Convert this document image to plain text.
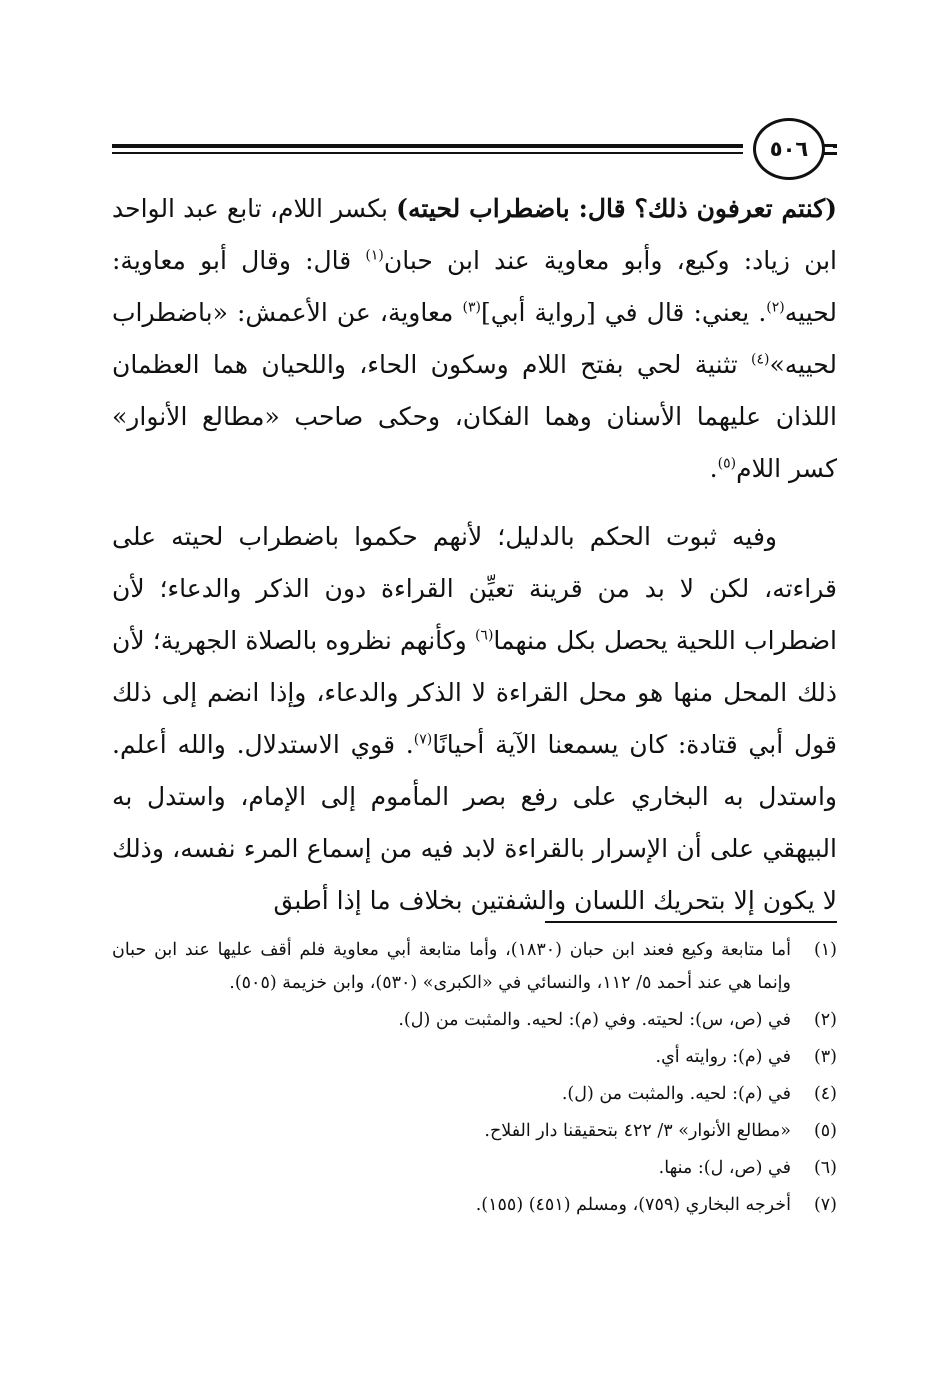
٥٠٦

(كنتم تعرفون ذلك؟ قال: باضطراب لحيته) بكسر اللام، تابع عبد الواحد ابن زياد: وكيع، وأبو معاوية عند ابن حبان$^{(١)}$ قال: وقال أبو معاوية: لحييه$^{(٢)}$. يعني: قال في [رواية أبي]$^{(٣)}$ معاوية، عن الأعمش: «باضطراب لحييه»$^{(٤)}$ تثنية لحي بفتح اللام وسكون الحاء، واللحيان هما العظمان اللذان عليهما الأسنان وهما الفكان، وحكى صاحب «مطالع الأنوار» كسر اللام$^{(٥)}$.

وفيه ثبوت الحكم بالدليل؛ لأنهم حكموا باضطراب لحيته على قراءته، لكن لا بد من قرينة تعيِّن القراءة دون الذكر والدعاء؛ لأن اضطراب اللحية يحصل بكل منهما$^{(٦)}$ وكأنهم نظروه بالصلاة الجهرية؛ لأن ذلك المحل منها هو محل القراءة لا الذكر والدعاء، وإذا انضم إلى ذلك قول أبي قتادة: كان يسمعنا الآية أحيانًا$^{(٧)}$. قوي الاستدلال. والله أعلم. واستدل به البخاري على رفع بصر المأموم إلى الإمام، واستدل به البيهقي على أن الإسرار بالقراءة لابد فيه من إسماع المرء نفسه، وذلك لا يكون إلا بتحريك اللسان والشفتين بخلاف ما إذا أطبق

(١)
أما متابعة وكيع فعند ابن حبان (١٨٣٠)، وأما متابعة أبي معاوية فلم أقف عليها عند ابن حبان وإنما هي عند أحمد ٥/ ١١٢، والنسائي في «الكبرى» (٥٣٠)، وابن خزيمة (٥٠٥).
(٢)
في (ص، س): لحيته. وفي (م): لحيه. والمثبت من (ل).
(٣)
في (م): روايته أي.
(٤)
في (م): لحيه. والمثبت من (ل).
(٥)
«مطالع الأنوار» ٣/ ٤٢٢ بتحقيقنا دار الفلاح.
(٦)
في (ص، ل): منها.
(٧)
أخرجه البخاري (٧٥٩)، ومسلم (٤٥١) (١٥٥).
